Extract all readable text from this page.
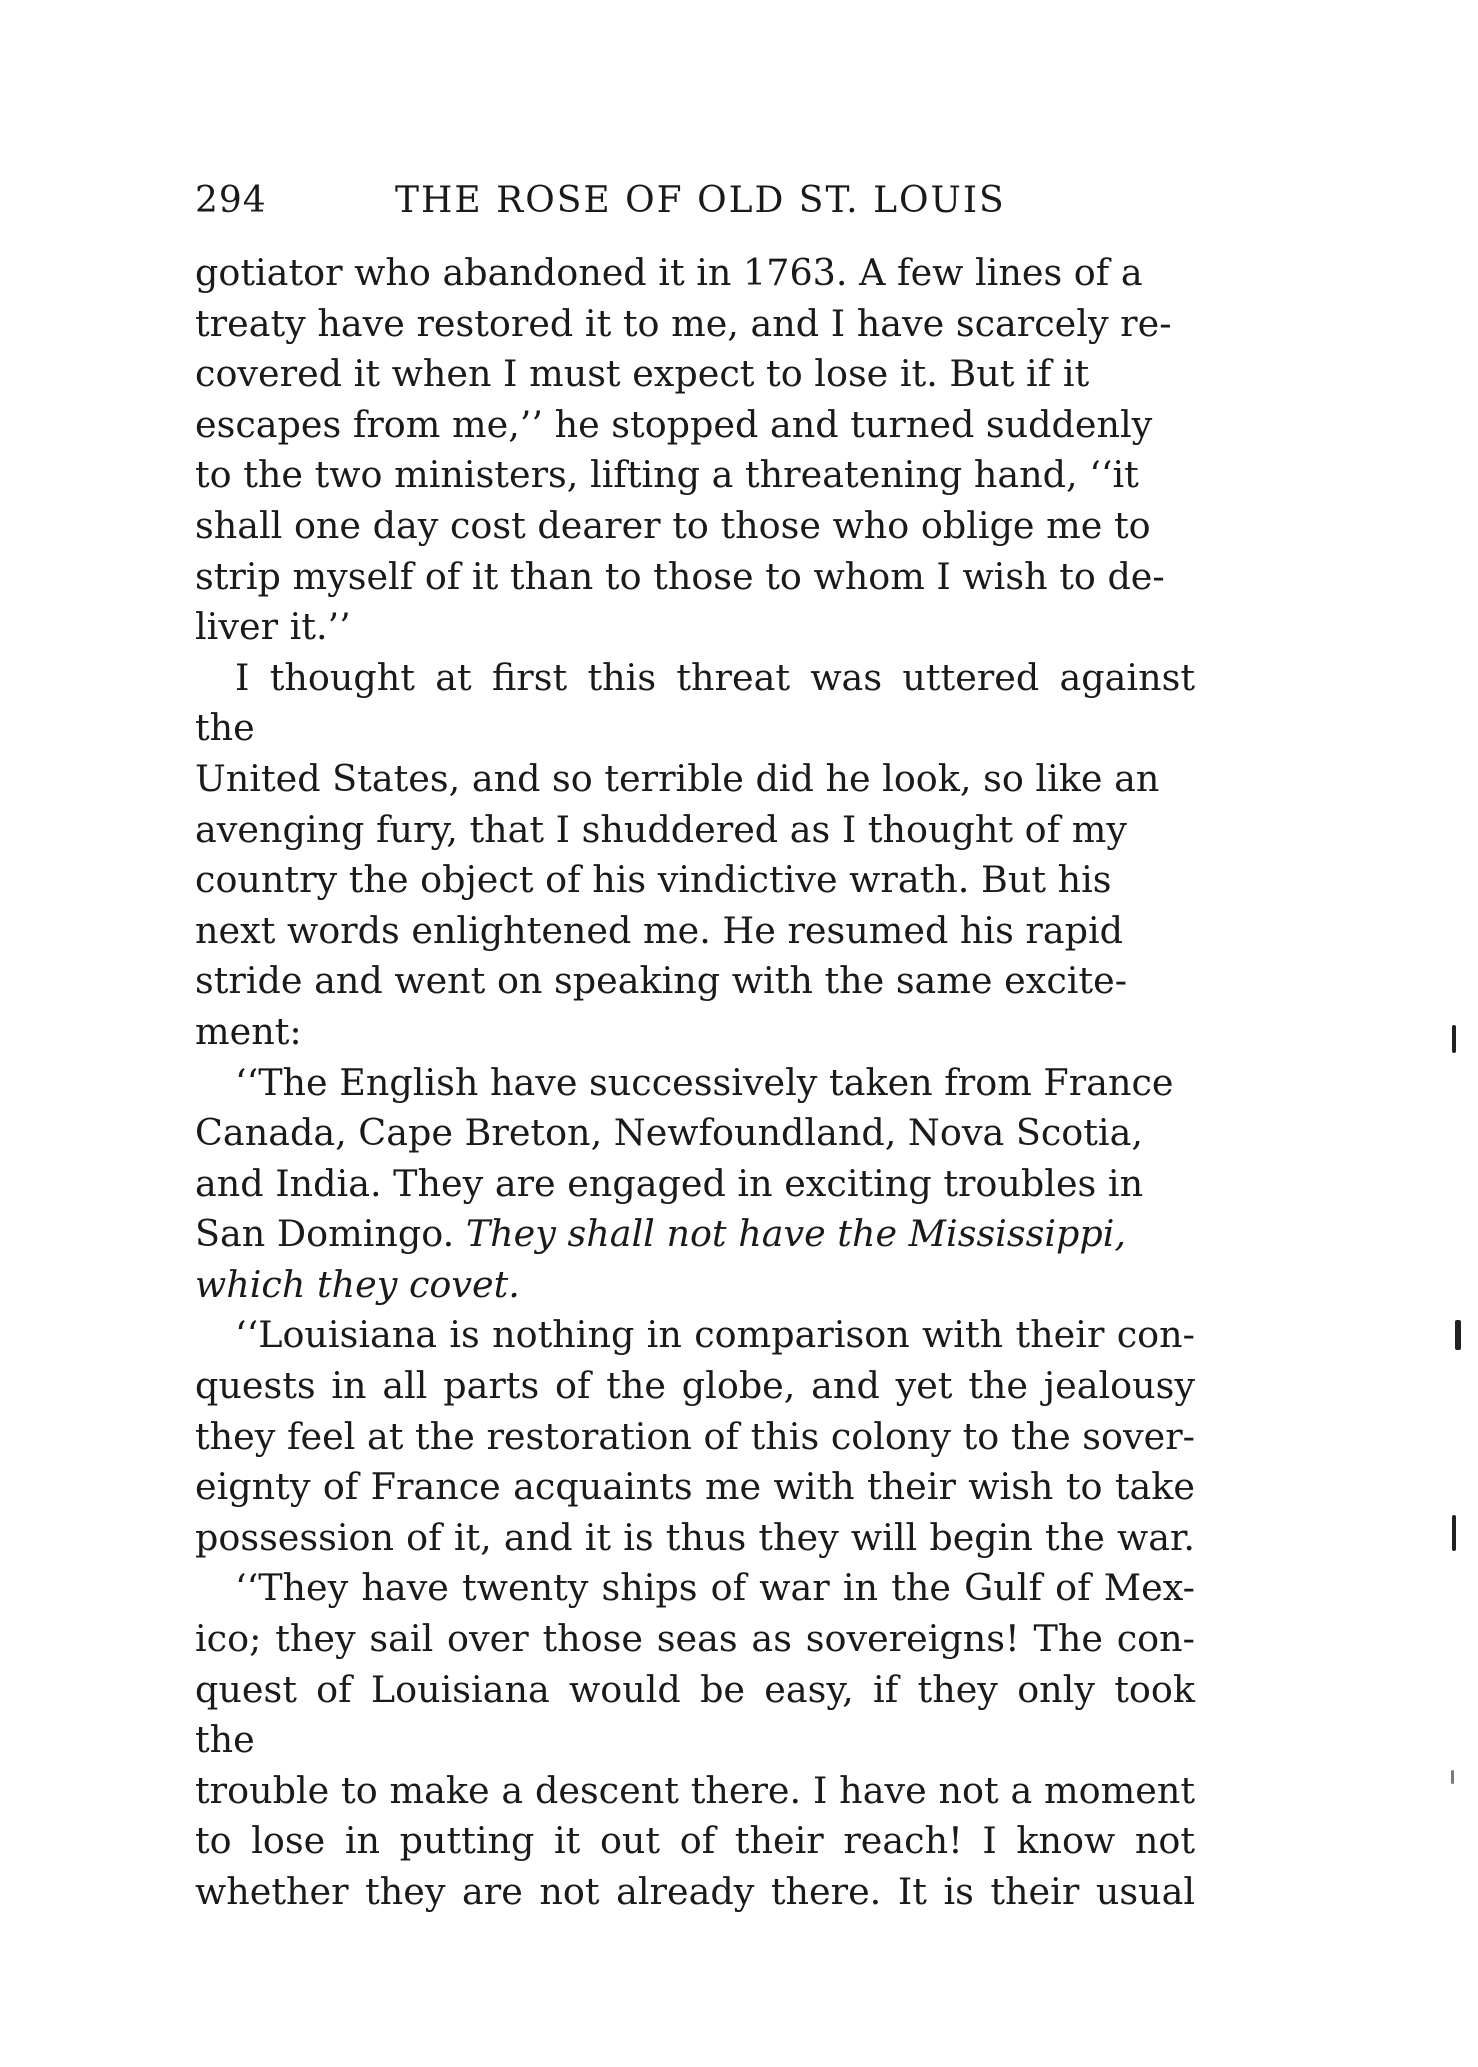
294	THE ROSE OF OLD ST. LOUIS

gotiator who abandoned it in 1763. A few lines of a
treaty have restored it to me, and I have scarcely re-
covered it when I must expect to lose it. But if it
escapes from me,’’ he stopped and turned suddenly
to the two ministers, lifting a threatening hand, ‘‘it
shall one day cost dearer to those who oblige me to
strip myself of it than to those to whom I wish to de-
liver it.’’

I thought at first this threat was uttered against the
United States, and so terrible did he look, so like an
avenging fury, that I shuddered as I thought of my
country the object of his vindictive wrath. But his
next words enlightened me. He resumed his rapid
stride and went on speaking with the same excite-
ment:

‘‘The English have successively taken from France
Canada, Cape Breton, Newfoundland, Nova Scotia,
and India. They are engaged in exciting troubles in
San Domingo. They shall not have the Mississippi,
which they covet.

‘‘Louisiana is nothing in comparison with their con-
quests in all parts of the globe, and yet the jealousy
they feel at the restoration of this colony to the sover-
eignty of France acquaints me with their wish to take
possession of it, and it is thus they will begin the war.

‘‘They have twenty ships of war in the Gulf of Mex-
ico; they sail over those seas as sovereigns! The con-
quest of Louisiana would be easy, if they only took the
trouble to make a descent there. I have not a moment
to lose in putting it out of their reach! I know not
whether they are not already there. It is their usual
